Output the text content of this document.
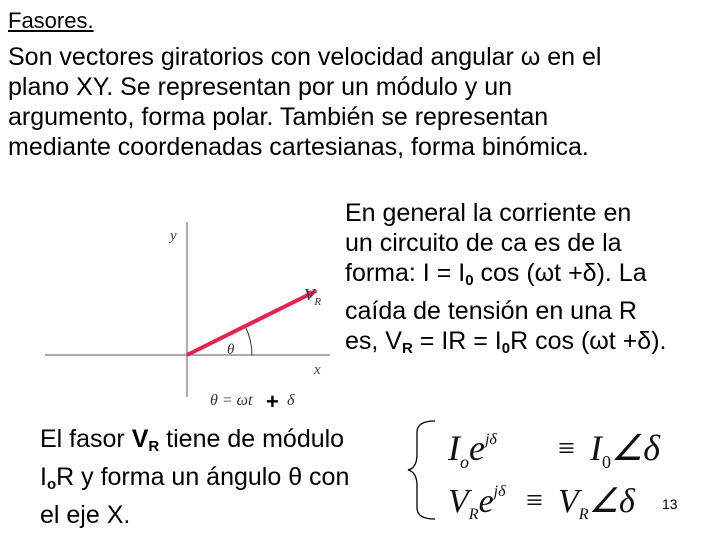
Fasores.
Son vectores giratorios con velocidad angular ω en el
plano XY. Se representan por un módulo y un
argumento, forma polar. También se representan
mediante coordenadas cartesianas, forma binómica.
y
x
$V_R$
θ
θ = ωt + δ
En general la corriente en
un circuito de ca es de la
forma: $I = I_0$ cos (ωt +δ). La
caída de tensión en una R
es, $V_R$ = IR = $I_0R$ cos (ωt +δ).
El fasor $V_R$ tiene de módulo
$I_oR$ y forma un ángulo θ con
el eje X.
$I_oe^{j\delta}$ ≡ $I_0\angle\delta$
$V_Re^{j\delta}$ ≡ $V_R\angle\delta$ 13
